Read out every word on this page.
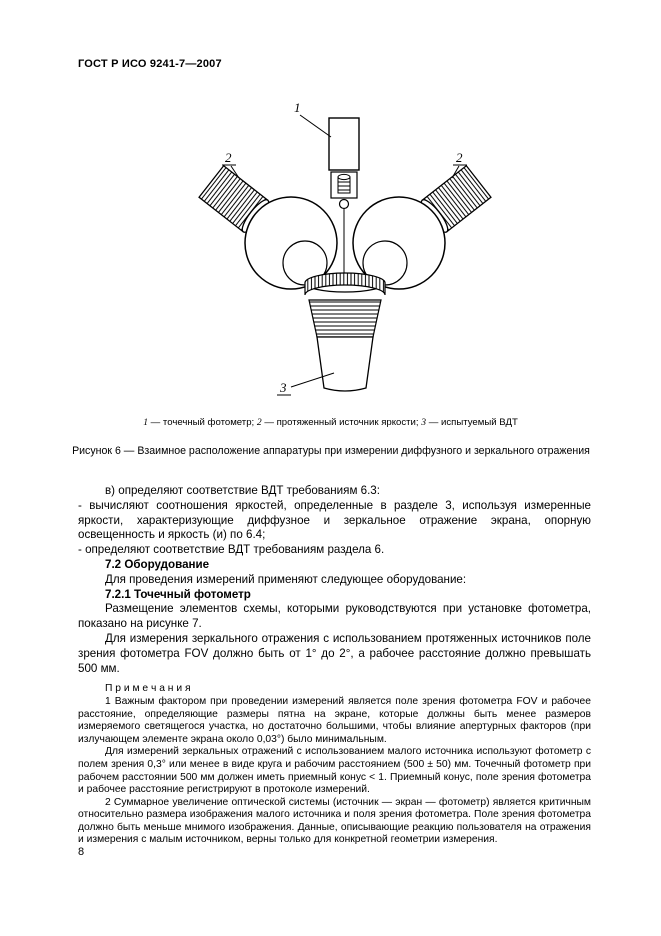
ГОСТ Р ИСО 9241-7—2007
1
2	2
3
1 — точечный фотометр; 2 — протяженный источник яркости; 3 — испытуемый ВДТ
Рисунок 6 — Взаимное расположение аппаратуры при измерении диффузного и зеркального отражения

в) определяют соответствие ВДТ требованиям 6.3:

- вычисляют соотношения яркостей, определенные в разделе 3, используя измеренные яркости, характеризующие диффузное и зеркальное отражение экрана, опорную освещенность и яркость (и) по 6.4;

- определяют соответствие ВДТ требованиям раздела 6.

7.2 Оборудование

Для проведения измерений применяют следующее оборудование:

7.2.1 Точечный фотометр

Размещение элементов схемы, которыми руководствуются при установке фотометра, показано на рисунке 7.

Для измерения зеркального отражения с использованием протяженных источников поле зрения фотометра FOV должно быть от 1° до 2°, а рабочее расстояние должно превышать 500 мм.

П р и м е ч а н и я

1 Важным фактором при проведении измерений является поле зрения фотометра FOV и рабочее расстояние, определяющие размеры пятна на экране, которые должны быть менее размеров измеряемого светящегося участка, но достаточно большими, чтобы влияние апертурных факторов (при излучающем элементе экрана около 0,03°) было минимальным.

Для измерений зеркальных отражений с использованием малого источника используют фотометр с полем зрения 0,3° или менее в виде круга и рабочим расстоянием (500 ± 50) мм. Точечный фотометр при рабочем расстоянии 500 мм должен иметь приемный конус < 1. Приемный конус, поле зрения фотометра и рабочее расстояние регистрируют в протоколе измерений.

2 Суммарное увеличение оптической системы (источник — экран — фотометр) является критичным относительно размера изображения малого источника и поля зрения фотометра. Поле зрения фотометра должно быть меньше мнимого изображения. Данные, описывающие реакцию пользователя на отражения и измерения с малым источником, верны только для конкретной геометрии измерения.

8
